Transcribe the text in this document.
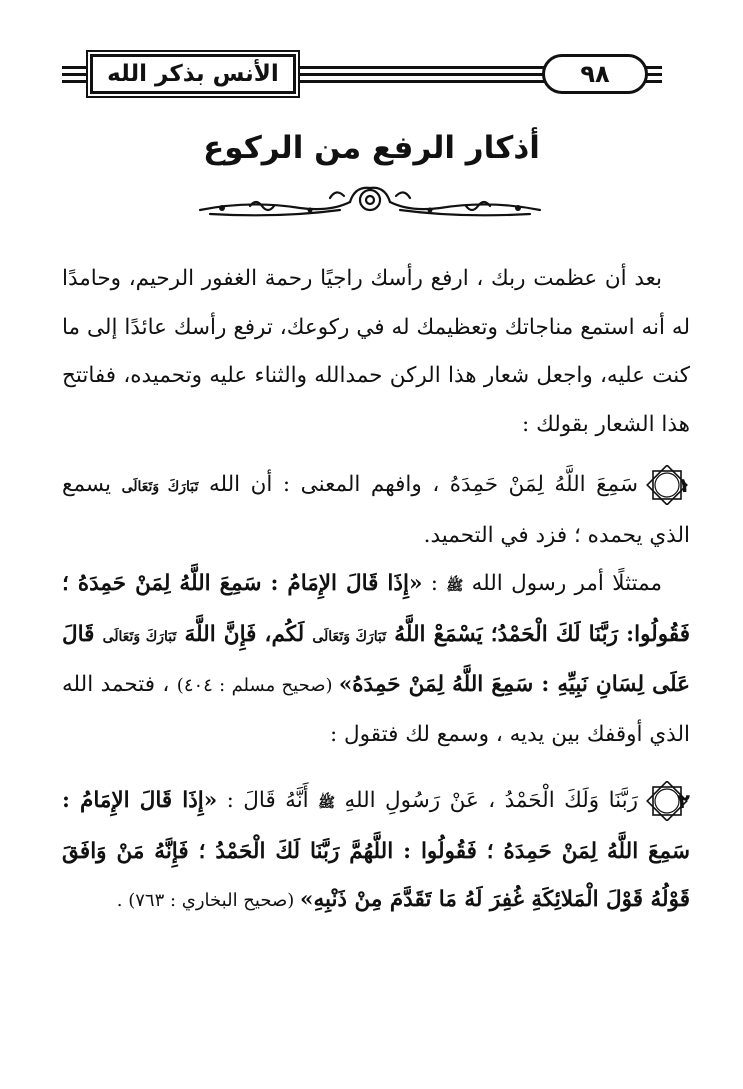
الأنس بذكر الله	٩٨
أذكار الرفع من الركوع

بعد أن عظمت ربك ، ارفع رأسك راجيًا رحمة الغفور الرحيم، وحامدًا له أنه استمع مناجاتك وتعظيمك له في ركوعك، ترفع رأسك عائدًا إلى ما كنت عليه، واجعل شعار هذا الركن حمدالله والثناء عليه وتحميده، ففاتتح هذا الشعار بقولك :

١
سَمِعَ اللَّهُ لِمَنْ حَمِدَهُ ، وافهم المعنى : أن الله تَبَارَكَ وَتَعَالَى يسمع الذي يحمده ؛ فزد في التحميد.

ممتثلًا أمر رسول الله ﷺ : «إِذَا قَالَ الإِمَامُ : سَمِعَ اللَّهُ لِمَنْ حَمِدَهُ ؛ فَقُولُوا: رَبَّنَا لَكَ الْحَمْدُ؛ يَسْمَعْ اللَّهُ تَبَارَكَ وَتَعَالَى لَكُم، فَإِنَّ اللَّهَ تَبَارَكَ وَتَعَالَى قَالَ عَلَى لِسَانِ نَبِيِّهِ : سَمِعَ اللَّهُ لِمَنْ حَمِدَهُ» (صحيح مسلم : ٤٠٤) ، فتحمد الله الذي أوقفك بين يديه ، وسمع لك فتقول :

٢
رَبَّنَا وَلَكَ الْحَمْدُ ، عَنْ رَسُولِ اللهِ ﷺ أَنَّهُ قَالَ : «إِذَا قَالَ الإِمَامُ : سَمِعَ اللَّهُ لِمَنْ حَمِدَهُ ؛ فَقُولُوا : اللَّهُمَّ رَبَّنَا لَكَ الْحَمْدُ ؛ فَإِنَّهُ مَنْ وَافَقَ قَوْلُهُ قَوْلَ الْمَلائِكَةِ غُفِرَ لَهُ مَا تَقَدَّمَ مِنْ ذَنْبِهِ» (صحيح البخاري : ٧٦٣) .
